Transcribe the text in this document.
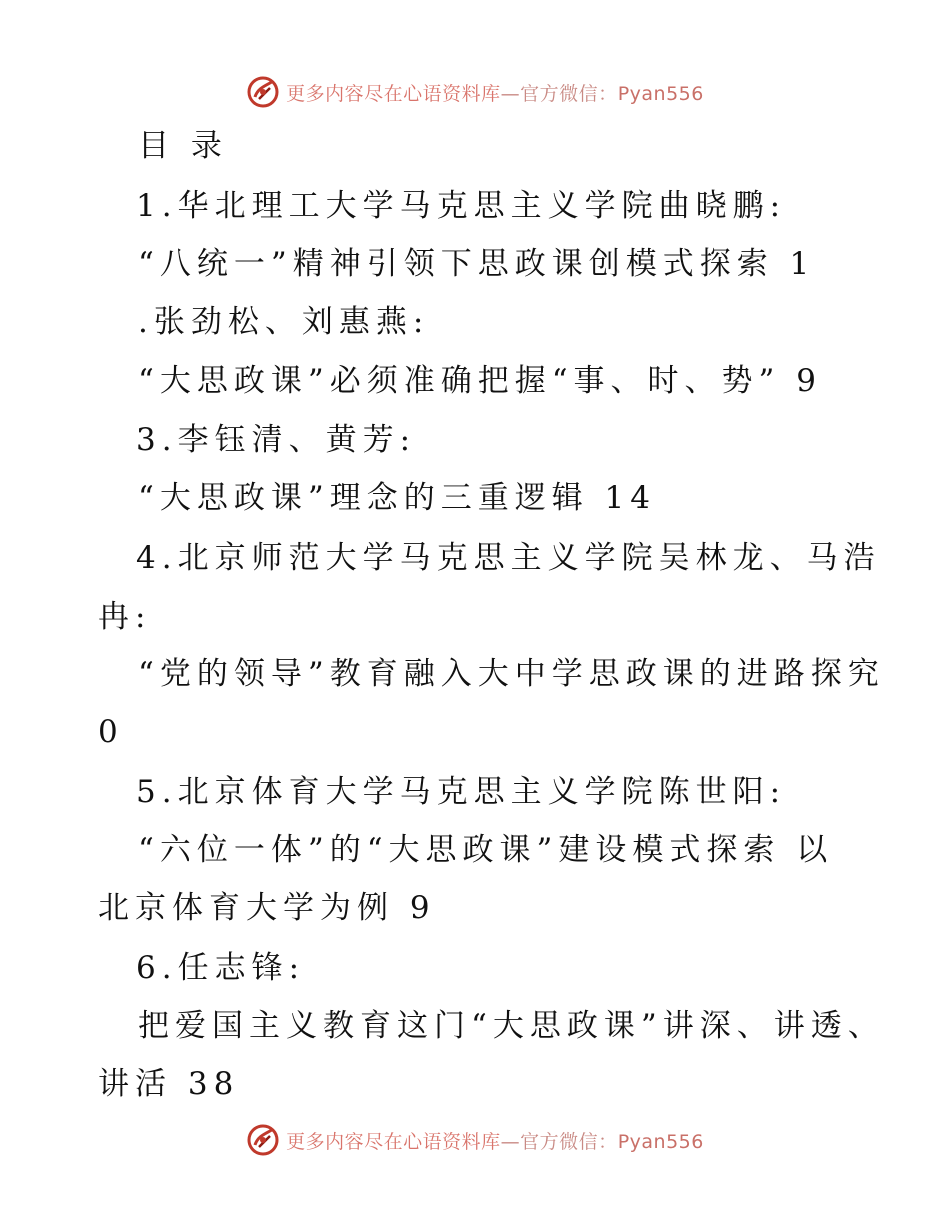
更多内容尽在心语资料库—官方微信：Pyan556
目 录
1.华北理工大学马克思主义学院曲晓鹏:
“八统一”精神引领下思政课创模式探索 1
.张劲松、刘惠燕:
“大思政课”必须准确把握“事、时、势” 9
3.李钰清、黄芳:
“大思政课”理念的三重逻辑 14
4.北京师范大学马克思主义学院吴林龙、马浩
冉:
“党的领导”教育融入大中学思政课的进路探究
0
5.北京体育大学马克思主义学院陈世阳:
“六位一体”的“大思政课”建设模式探索 以
北京体育大学为例 9
6.任志锋:
把爱国主义教育这门“大思政课”讲深、讲透、
讲活 38
更多内容尽在心语资料库—官方微信：Pyan556
